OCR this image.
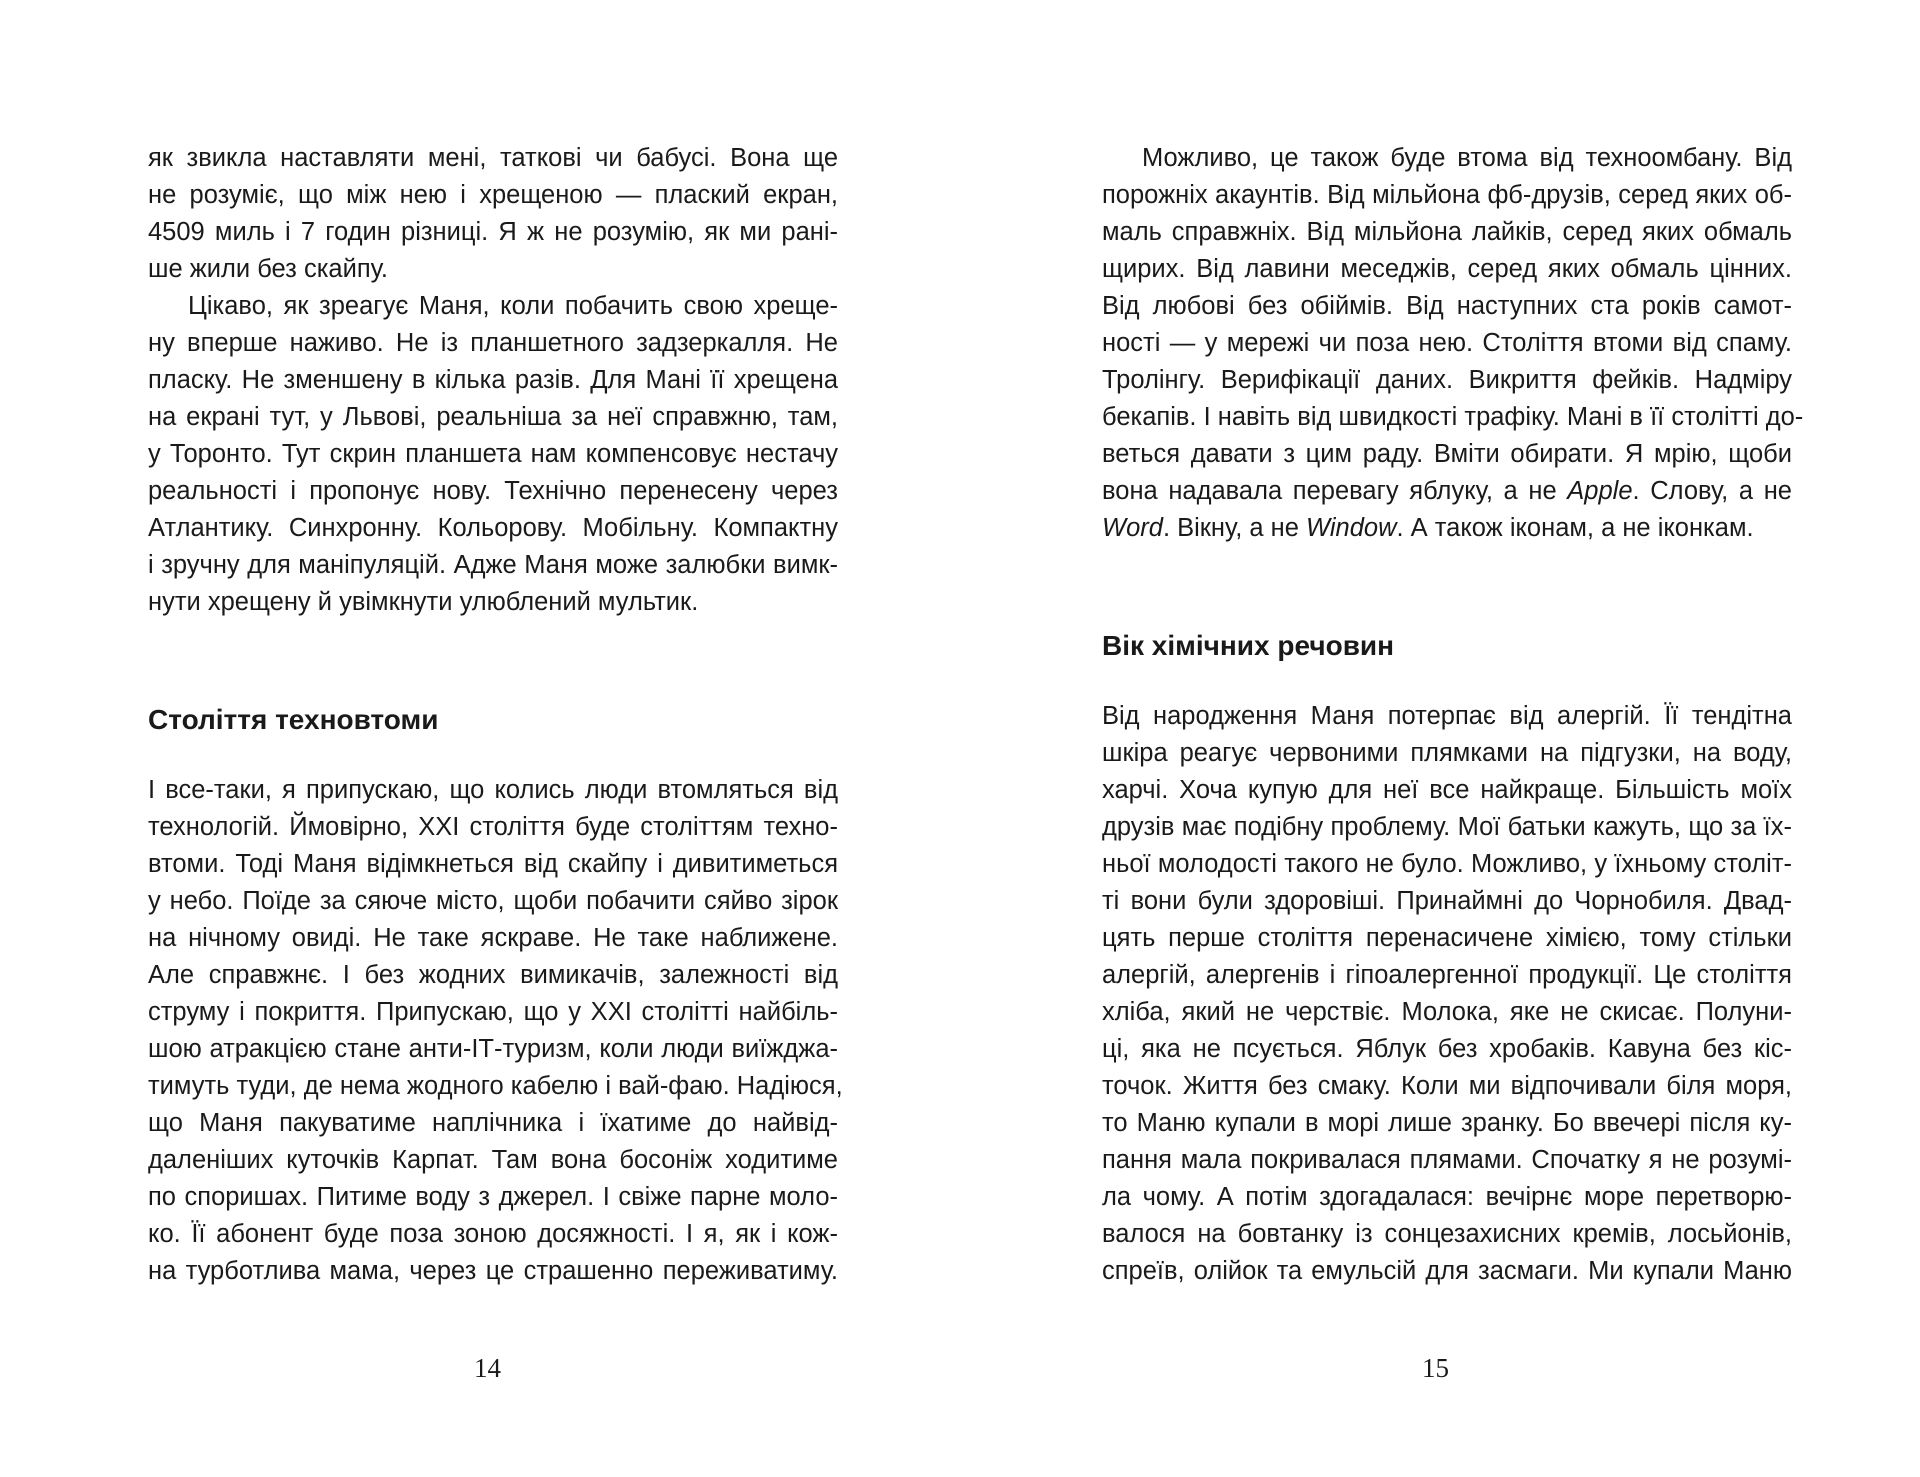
як звикла наставляти мені, таткові чи бабусі. Вона ще
не розуміє, що між нею і хрещеною — плаский екран,
4509 миль і 7 годин різниці. Я ж не розумію, як ми рані-
ше жили без скайпу.
Цікаво, як зреагує Маня, коли побачить свою хреще-
ну вперше наживо. Не із планшетного задзеркалля. Не
пласку. Не зменшену в кілька разів. Для Мані її хрещена
на екрані тут, у Львові, реальніша за неї справжню, там,
у Торонто. Тут скрин планшета нам компенсовує нестачу
реальності і пропонує нову. Технічно перенесену через
Атлантику. Синхронну. Кольорову. Мобільну. Компактну
і зручну для маніпуляцій. Адже Маня може залюбки вимк-
нути хрещену й увімкнути улюблений мультик.
Століття техновтоми
І все-таки, я припускаю, що колись люди втомляться від
технологій. Ймовірно, ХХІ століття буде століттям техно-
втоми. Тоді Маня відімкнеться від скайпу і дивитиметься
у небо. Поїде за сяюче місто, щоби побачити сяйво зірок
на нічному овиді. Не таке яскраве. Не таке наближене.
Але справжнє. І без жодних вимикачів, залежності від
струму і покриття. Припускаю, що у ХХІ столітті найбіль-
шою атракцією стане анти-ІТ-туризм, коли люди виїжджа-
тимуть туди, де нема жодного кабелю і вай-фаю. Надіюся,
що Маня пакуватиме наплічника і їхатиме до найвід-
даленіших куточків Карпат. Там вона босоніж ходитиме
по споришах. Питиме воду з джерел. І свіже парне моло-
ко. Її абонент буде поза зоною досяжності. І я, як і кож-
на турботлива мама, через це страшенно переживатиму.
14
Можливо, це також буде втома від техноомбану. Від
порожніх акаунтів. Від мільйона фб-друзів, серед яких об-
маль справжніх. Від мільйона лайків, серед яких обмаль
щирих. Від лавини меседжів, серед яких обмаль цінних.
Від любові без обіймів. Від наступних ста років самот-
ності — у мережі чи поза нею. Століття втоми від спаму.
Тролінгу. Верифікації даних. Викриття фейків. Надміру
бекапів. І навіть від швидкості трафіку. Мані в її столітті до-
веться давати з цим раду. Вміти обирати. Я мрію, щоби
вона надавала перевагу яблуку, а не Apple. Слову, а не
Word. Вікну, а не Window. А також іконам, а не іконкам.
Вік хімічних речовин
Від народження Маня потерпає від алергій. Її тендітна
шкіра реагує червоними плямками на підгузки, на воду,
харчі. Хоча купую для неї все найкраще. Більшість моїх
друзів має подібну проблему. Мої батьки кажуть, що за їх-
ньої молодості такого не було. Можливо, у їхньому століт-
ті вони були здоровіші. Принаймні до Чорнобиля. Двад-
цять перше століття перенасичене хімією, тому стільки
алергій, алергенів і гіпоалергенної продукції. Це століття
хліба, який не черствіє. Молока, яке не скисає. Полуни-
ці, яка не псується. Яблук без хробаків. Кавуна без кіс-
точок. Життя без смаку. Коли ми відпочивали біля моря,
то Маню купали в морі лише зранку. Бо ввечері після ку-
пання мала покривалася плямами. Спочатку я не розумі-
ла чому. А потім здогадалася: вечірнє море перетворю-
валося на бовтанку із сонцезахисних кремів, лосьйонів,
спреїв, олійок та емульсій для засмаги. Ми купали Маню
15
